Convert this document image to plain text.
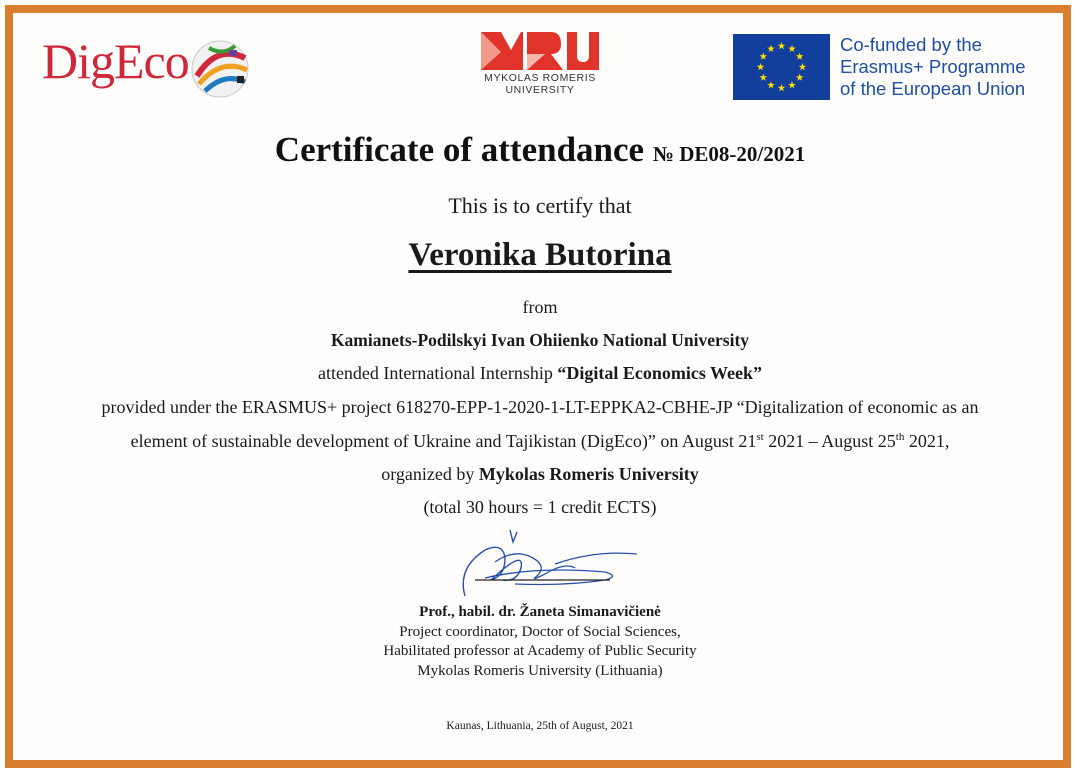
DigEco	MYKOLAS ROMERIS
UNIVERSITY
Co-funded by the
Erasmus+ Programme
of the European Union
Certificate of attendance № DE08-20/2021
This is to certify that
Veronika Butorina
from
Kamianets-Podilskyi Ivan Ohiienko National University
attended International Internship “Digital Economics Week”
provided under the ERASMUS+ project 618270-EPP-1-2020-1-LT-EPPKA2-CBHE-JP “Digitalization of economic as an
element of sustainable development of Ukraine and Tajikistan (DigEco)” on August 21st 2021 – August 25th 2021,
organized by Mykolas Romeris University
(total 30 hours = 1 credit ECTS)
Prof., habil. dr. Žaneta Simanavičienė
Project coordinator, Doctor of Social Sciences,
Habilitated professor at Academy of Public Security
Mykolas Romeris University (Lithuania)
Kaunas, Lithuania, 25th of August, 2021
